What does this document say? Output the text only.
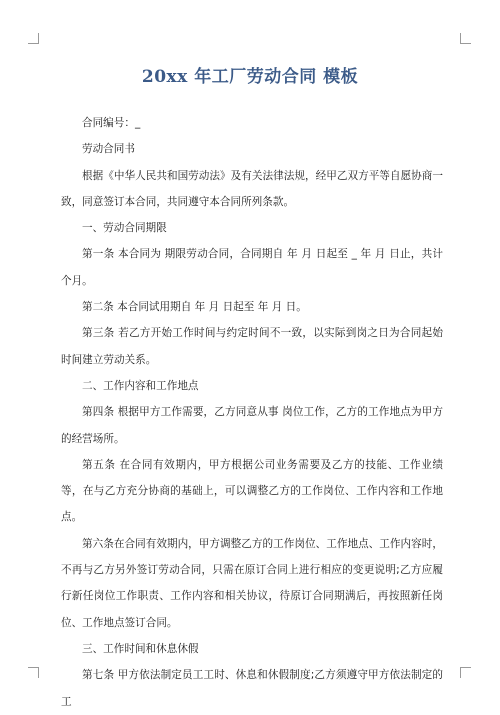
20xx 年工厂劳动合同 模板

合同编号：_

劳动合同书

根据《中华人民共和国劳动法》及有关法律法规，经甲乙双方平等自愿协商一致，同意签订本合同，共同遵守本合同所列条款。

一、劳动合同期限

第一条 本合同为 期限劳动合同，合同期自 年 月 日起至 _ 年 月 日止，共计 个月。

第二条 本合同试用期自 年 月 日起至 年 月 日。

第三条 若乙方开始工作时间与约定时间不一致，以实际到岗之日为合同起始时间建立劳动关系。

二、工作内容和工作地点

第四条 根据甲方工作需要，乙方同意从事 岗位工作，乙方的工作地点为甲方的经营场所。

第五条 在合同有效期内，甲方根据公司业务需要及乙方的技能、工作业绩等，在与乙方充分协商的基础上，可以调整乙方的工作岗位、工作内容和工作地点。

第六条在合同有效期内，甲方调整乙方的工作岗位、工作地点、工作内容时，不再与乙方另外签订劳动合同，只需在原订合同上进行相应的变更说明;乙方应履行新任岗位工作职责、工作内容和相关协议，待原订合同期满后，再按照新任岗位、工作地点签订合同。

三、工作时间和休息休假

第七条 甲方依法制定员工工时、休息和休假制度;乙方须遵守甲方依法制定的工
